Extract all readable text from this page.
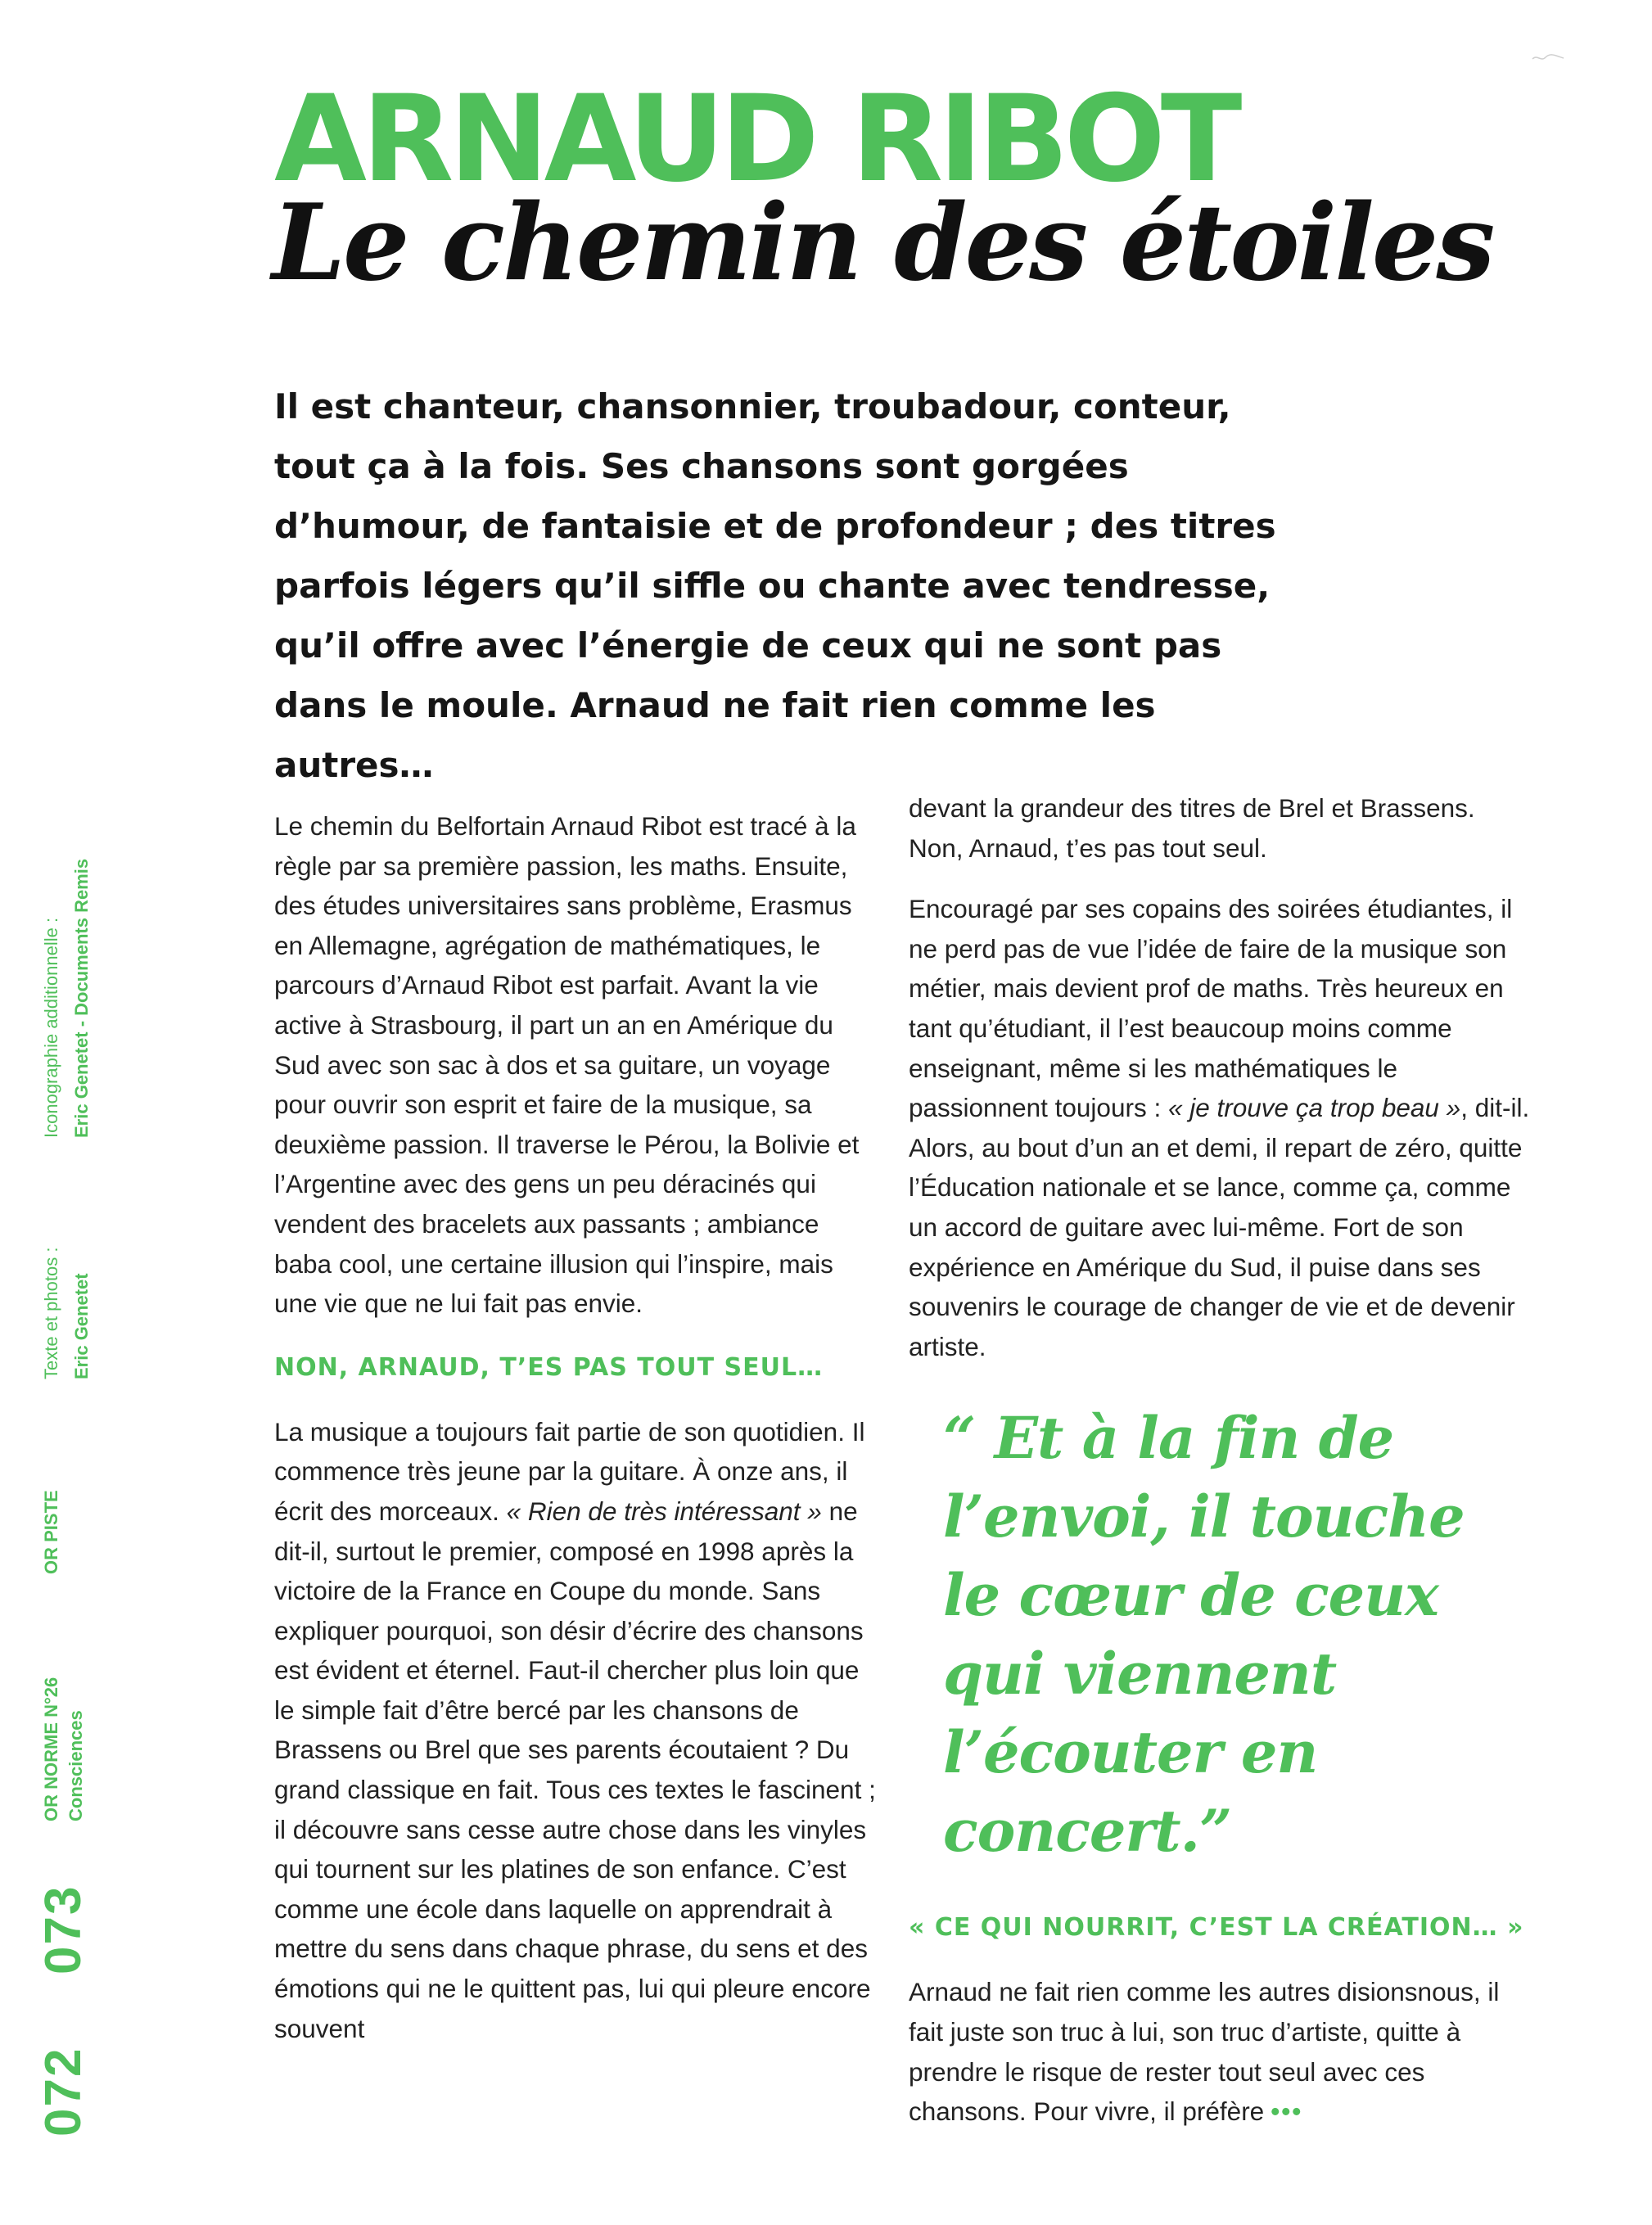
ARNAUD RIBOT
Le chemin des étoiles

Il est chanteur, chansonnier, troubadour, conteur, tout ça à la fois. Ses chansons sont gorgées d’humour, de fantaisie et de profondeur ; des titres parfois légers qu’il siffle ou chante avec tendresse, qu’il offre avec l’énergie de ceux qui ne sont pas dans le moule. Arnaud ne fait rien comme les autres…

Le chemin du Belfortain Arnaud Ribot est tracé à la règle par sa première passion, les maths. Ensuite, des études universitaires sans problème, Erasmus en Allemagne, agrégation de mathématiques, le parcours d’Arnaud Ribot est parfait. Avant la vie active à Strasbourg, il part un an en Amérique du Sud avec son sac à dos et sa guitare, un voyage pour ouvrir son esprit et faire de la musique, sa deuxième passion. Il traverse le Pérou, la Bolivie et l’Argentine avec des gens un peu déracinés qui vendent des bracelets aux passants ; ambiance baba cool, une certaine illusion qui l’inspire, mais une vie que ne lui fait pas envie.

NON, ARNAUD, T’ES PAS TOUT SEUL…

La musique a toujours fait partie de son quotidien. Il commence très jeune par la guitare. À onze ans, il écrit des morceaux. « Rien de très intéressant » ne dit-il, surtout le premier, composé en 1998 après la victoire de la France en Coupe du monde. Sans expliquer pourquoi, son désir d’écrire des chansons est évident et éternel. Faut-il chercher plus loin que le simple fait d’être bercé par les chansons de Brassens ou Brel que ses parents écoutaient ? Du grand classique en fait. Tous ces textes le fascinent ; il découvre sans cesse autre chose dans les vinyles qui tournent sur les platines de son enfance. C’est comme une école dans laquelle on apprendrait à mettre du sens dans chaque phrase, du sens et des émotions qui ne le quittent pas, lui qui pleure encore souvent

devant la grandeur des titres de Brel et Brassens. Non, Arnaud, t’es pas tout seul.

Encouragé par ses copains des soirées étudiantes, il ne perd pas de vue l’idée de faire de la musique son métier, mais devient prof de maths. Très heureux en tant qu’étudiant, il l’est beaucoup moins comme enseignant, même si les mathématiques le passionnent toujours : « je trouve ça trop beau », dit-il. Alors, au bout d’un an et demi, il repart de zéro, quitte l’Éducation nationale et se lance, comme ça, comme un accord de guitare avec lui-même. Fort de son expérience en Amérique du Sud, il puise dans ses souvenirs le courage de changer de vie et de devenir artiste.

“ Et à la fin de l’envoi, il touche le cœur de ceux qui viennent l’écouter en concert.”
« CE QUI NOURRIT, C’EST LA CRÉATION… »

Arnaud ne fait rien comme les autres disionsnous, il fait juste son truc à lui, son truc d’artiste, quitte à prendre le risque de rester tout seul avec ces chansons. Pour vivre, il préfère •••

Iconographie additionnelle : Eric Genetet - Documents Remis
Texte et photos : Eric Genetet
OR PISTE
OR NORME N°26 Consciences
073
072
